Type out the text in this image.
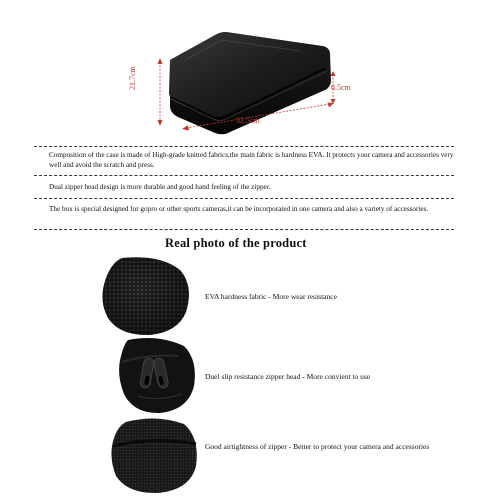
21.7cm
32.5cm
6.5cm
Composition of the case is made of High-grade knitted fabrics,the main fabric is hardness EVA. It protects your camera and accessories very well and avoid the scratch and press.
Dual zipper head design is more durable and good hand feeling of the zipper.
The box is special designed for gopro or other sports cameras,it can be incorporated in one camera and also a variety of accessories.
Real photo of the product
EVA hardness fabric - More wear resistance
Duel slip resistance zipper head - More convient to use
Good airtightness of zipper - Better to protect your camera and accessories
